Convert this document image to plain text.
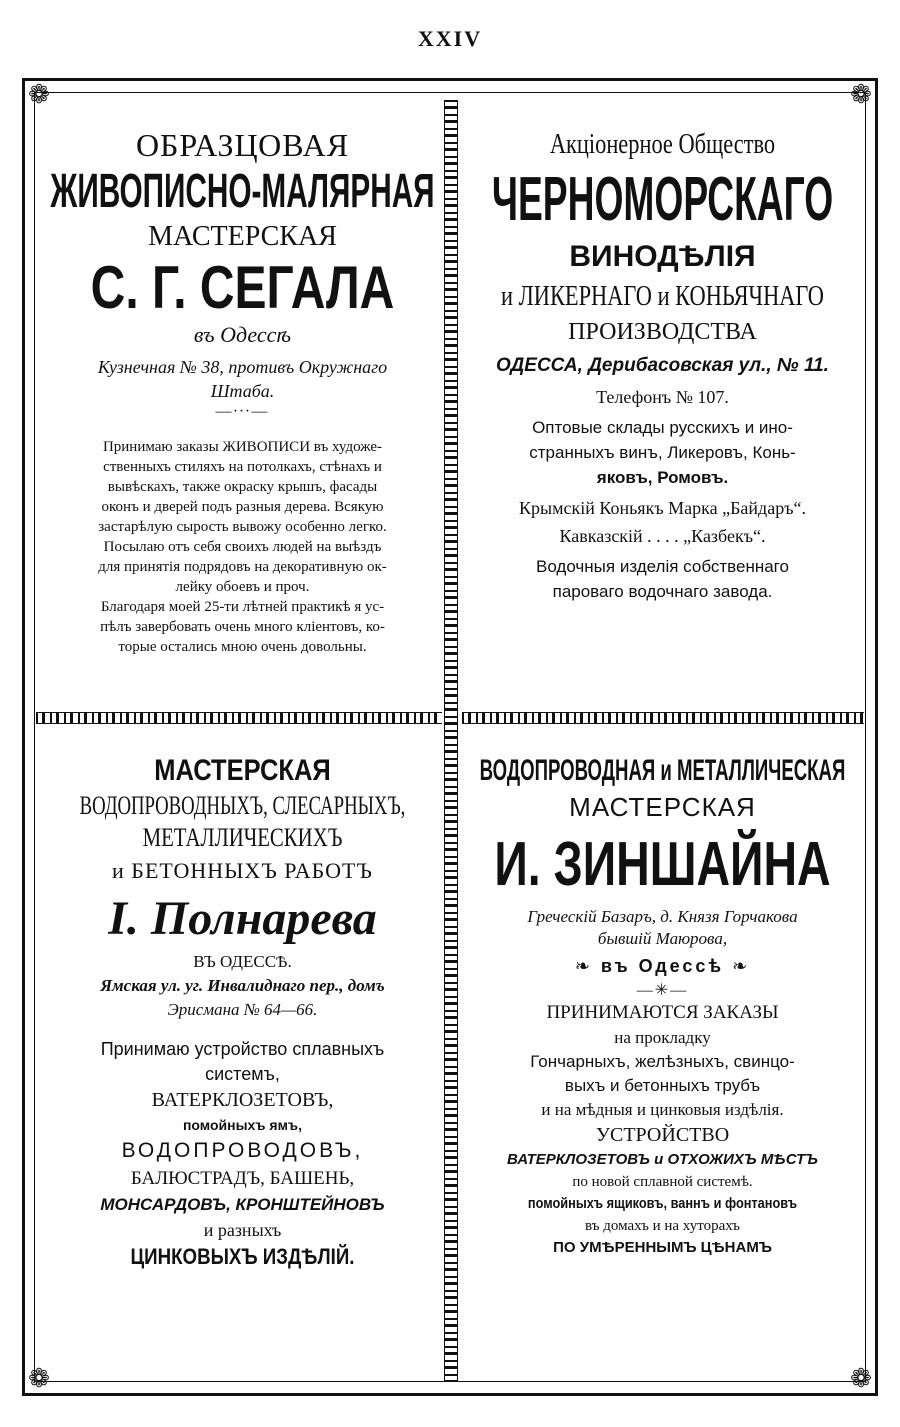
XXIV
❁	❁
❁	❁
ОБРАЗЦОВАЯ
ЖИВОПИСНО-МАЛЯРНАЯ
МАСТЕРСКАЯ
С. Г. СЕГАЛА
въ Одессѣ
Кузнечная № 38, противъ Окружнаго
Штаба.
—∙∙∙—
Принимаю заказы ЖИВОПИСИ въ художе-
ственныхъ стиляхъ на потолкахъ, стѣнахъ и
вывѣскахъ, также окраску крышъ, фасады
оконъ и дверей подъ разныя дерева. Всякую
застарѣлую сырость вывожу особенно легко.
Посылаю отъ себя своихъ людей на выѣздъ
для принятія подрядовъ на декоративную ок-
лейку обоевъ и проч.
Благодаря моей 25-ти лѣтней практикѣ я ус-
пѣлъ завербовать очень много клiентовъ, ко-
торые остались мною очень довольны.
Акціонерное Общество
ЧЕРНОМОРСКАГО
ВИНОДѢЛІЯ
и ЛИКЕРНАГО и КОНЬЯЧНАГО
ПРОИЗВОДСТВА
ОДЕССА, Дерибасовская ул., № 11.
Телефонъ № 107.
Оптовые склады русскихъ и ино-
странныхъ винъ, Ликеровъ, Конь-
яковъ, Ромовъ.
Крымскій Коньякъ Марка „Байдаръ“.
Кавказскій . . . . „Казбекъ“.
Водочныя изделія собственнаго
пароваго водочнаго завода.
МАСТЕРСКАЯ
ВОДОПРОВОДНЫХЪ, СЛЕСАРНЫХЪ,
МЕТАЛЛИЧЕСКИХЪ
и БЕТОННЫХЪ РАБОТЪ
І. Полнарева
ВЪ ОДЕССѢ.
Ямская ул. уг. Инвалиднаго пер., домъ
Эрисмана № 64—66.
Принимаю устройство сплавныхъ
системъ,
ВАТЕРКЛОЗЕТОВЪ,
помойныхъ ямъ,
ВОДОПРОВОДОВЪ,
БАЛЮСТРАДЪ, БАШЕНЬ,
МОНСАРДОВЪ, КРОНШТЕЙНОВЪ
и разныхъ
ЦИНКОВЫХЪ ИЗДѢЛІЙ.
ВОДОПРОВОДНАЯ и МЕТАЛЛИЧЕСКАЯ
МАСТЕРСКАЯ
И. ЗИНШАЙНА
Греческій Базаръ, д. Князя Горчакова
бывшій Маюрова,
❧ въ Одессѣ ❧
—✳—
ПРИНИМАЮТСЯ ЗАКАЗЫ
на прокладку
Гончарныхъ, желѣзныхъ, свинцо-
выхъ и бетонныхъ трубъ
и на мѣдныя и цинковыя издѣлія.
УСТРОЙСТВО
ВАТЕРКЛОЗЕТОВЪ и ОТХОЖИХЪ МѢСТЪ
по новой сплавной системѣ.
помойныхъ ящиковъ, ваннъ и фонтановъ
въ домахъ и на хуторахъ
ПО УМѢРЕННЫМЪ ЦѢНАМЪ
